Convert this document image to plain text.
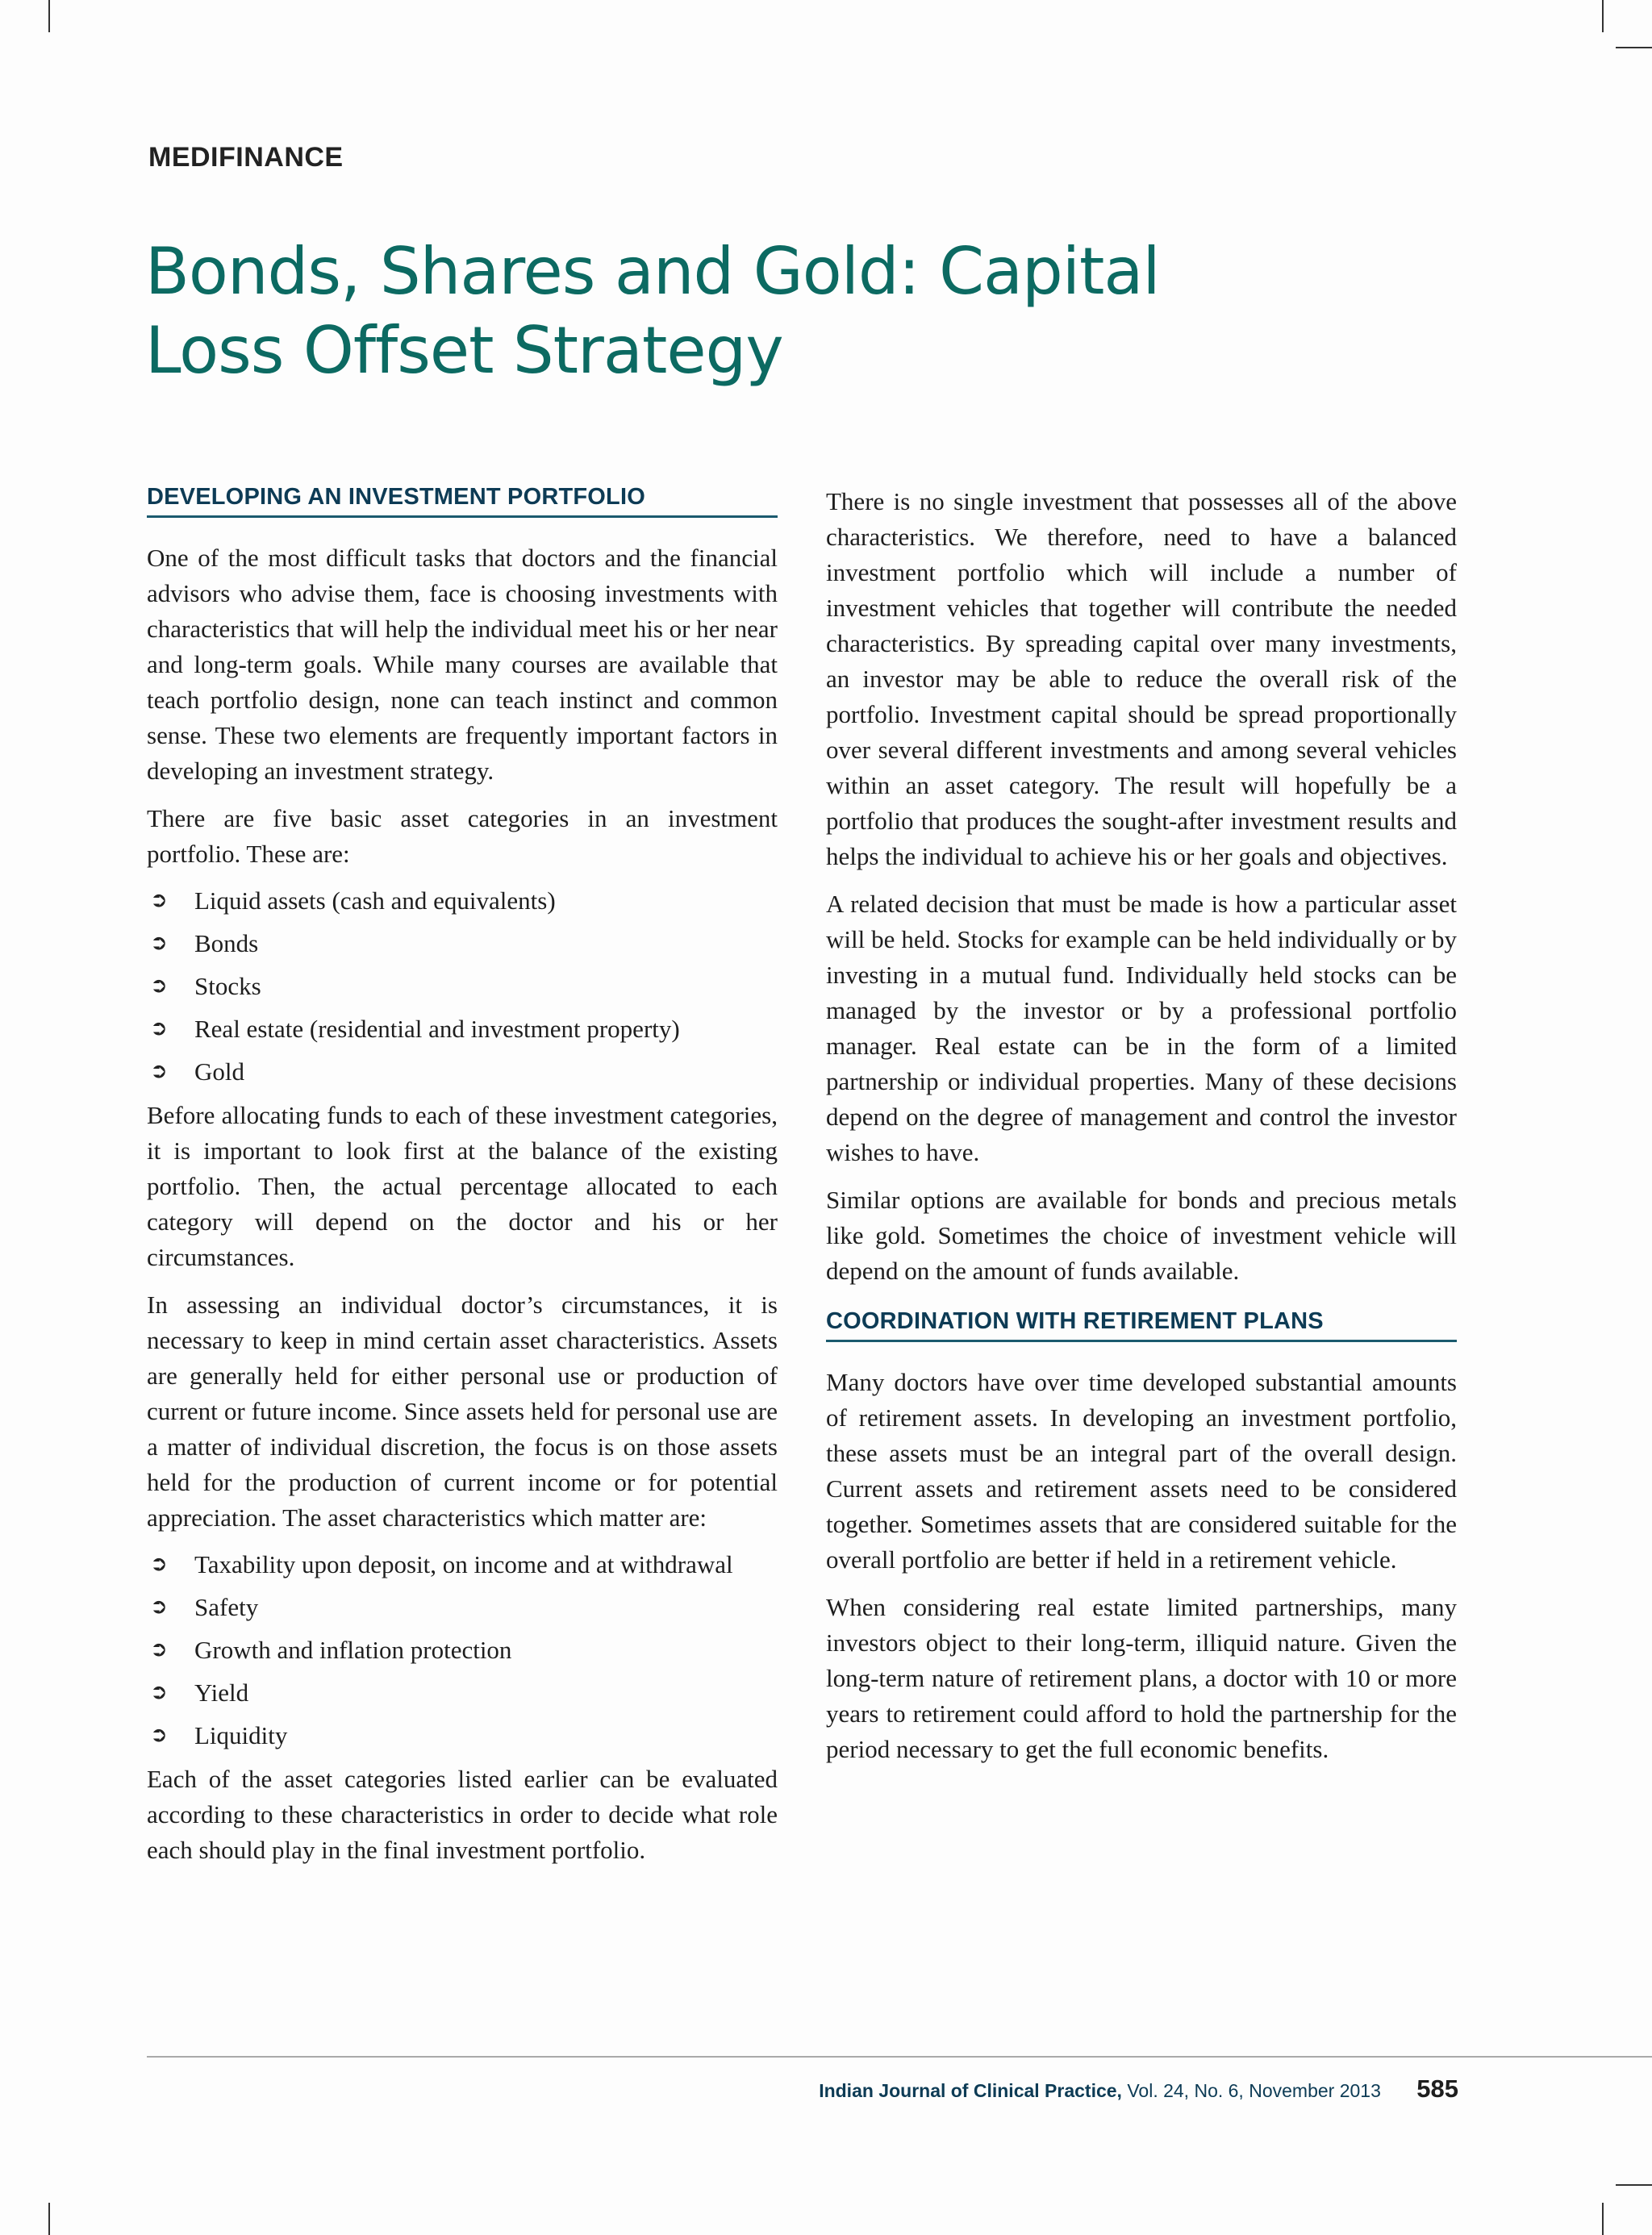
MEDIFINANCE
Bonds, Shares and Gold: Capital Loss Offset Strategy
DEVELOPING AN INVESTMENT PORTFOLIO

One of the most difficult tasks that doctors and the financial advisors who advise them, face is choosing investments with characteristics that will help the individual meet his or her near and long-term goals. While many courses are available that teach portfolio design, none can teach instinct and common sense. These two elements are frequently important factors in developing an investment strategy.

There are five basic asset categories in an investment portfolio. These are:

➲ Liquid assets (cash and equivalents)
➲ Bonds
➲ Stocks
➲ Real estate (residential and investment property)
➲ Gold

Before allocating funds to each of these investment categories, it is important to look first at the balance of the existing portfolio. Then, the actual percentage allocated to each category will depend on the doctor and his or her circumstances.

In assessing an individual doctor’s circumstances, it is necessary to keep in mind certain asset characteristics. Assets are generally held for either personal use or production of current or future income. Since assets held for personal use are a matter of individual discretion, the focus is on those assets held for the production of current income or for potential appreciation. The asset characteristics which matter are:

➲ Taxability upon deposit, on income and at withdrawal
➲ Safety
➲ Growth and inflation protection
➲ Yield
➲ Liquidity

Each of the asset categories listed earlier can be evaluated according to these characteristics in order to decide what role each should play in the final investment portfolio.

There is no single investment that possesses all of the above characteristics. We therefore, need to have a balanced investment portfolio which will include a number of investment vehicles that together will contribute the needed characteristics. By spreading capital over many investments, an investor may be able to reduce the overall risk of the portfolio. Investment capital should be spread proportionally over several different investments and among several vehicles within an asset category. The result will hopefully be a portfolio that produces the sought-after investment results and helps the individual to achieve his or her goals and objectives.

A related decision that must be made is how a particular asset will be held. Stocks for example can be held individually or by investing in a mutual fund. Individually held stocks can be managed by the investor or by a professional portfolio manager. Real estate can be in the form of a limited partnership or individual properties. Many of these decisions depend on the degree of management and control the investor wishes to have.

Similar options are available for bonds and precious metals like gold. Sometimes the choice of investment vehicle will depend on the amount of funds available.

COORDINATION WITH RETIREMENT PLANS

Many doctors have over time developed substantial amounts of retirement assets. In developing an investment portfolio, these assets must be an integral part of the overall design. Current assets and retirement assets need to be considered together. Sometimes assets that are considered suitable for the overall portfolio are better if held in a retirement vehicle.

When considering real estate limited partnerships, many investors object to their long-term, illiquid nature. Given the long-term nature of retirement plans, a doctor with 10 or more years to retirement could afford to hold the partnership for the period necessary to get the full economic benefits.

Indian Journal of Clinical Practice, Vol. 24, No. 6, November 2013 585
